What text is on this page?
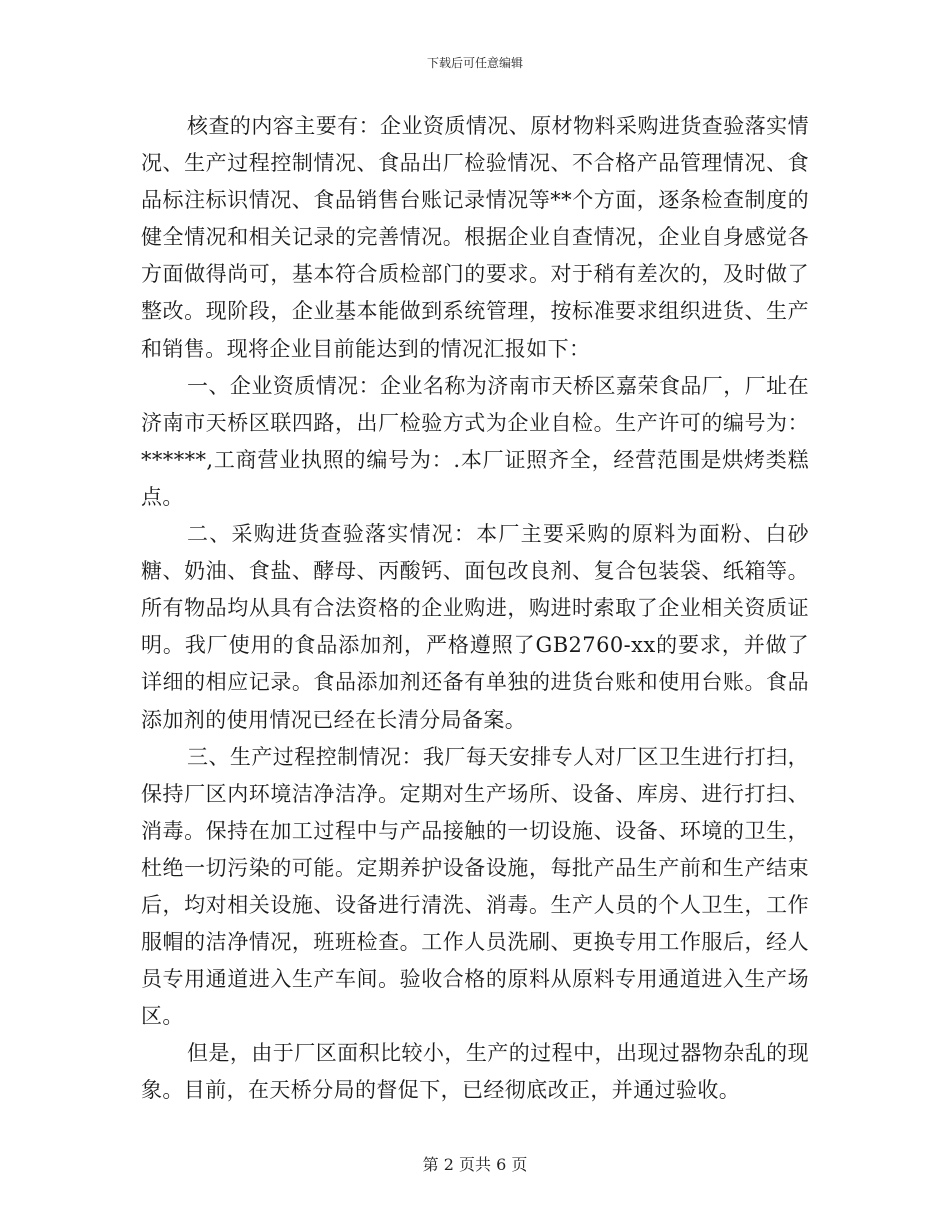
下载后可任意编辑

核查的内容主要有：企业资质情况、原材物料采购进货查验落实情况、生产过程控制情况、食品出厂检验情况、不合格产品管理情况、食品标注标识情况、食品销售台账记录情况等**个方面，逐条检查制度的健全情况和相关记录的完善情况。根据企业自查情况，企业自身感觉各方面做得尚可，基本符合质检部门的要求。对于稍有差次的，及时做了整改。现阶段，企业基本能做到系统管理，按标准要求组织进货、生产和销售。现将企业目前能达到的情况汇报如下：

一、企业资质情况：企业名称为济南市天桥区嘉荣食品厂，厂址在济南市天桥区联四路，出厂检验方式为企业自检。生产许可的编号为：******,工商营业执照的编号为：.本厂证照齐全，经营范围是烘烤类糕点。

二、采购进货查验落实情况：本厂主要采购的原料为面粉、白砂糖、奶油、食盐、酵母、丙酸钙、面包改良剂、复合包装袋、纸箱等。所有物品均从具有合法资格的企业购进，购进时索取了企业相关资质证明。我厂使用的食品添加剂，严格遵照了GB2760-xx的要求，并做了详细的相应记录。食品添加剂还备有单独的进货台账和使用台账。食品添加剂的使用情况已经在长清分局备案。

三、生产过程控制情况：我厂每天安排专人对厂区卫生进行打扫，保持厂区内环境洁净洁净。定期对生产场所、设备、库房、进行打扫、消毒。保持在加工过程中与产品接触的一切设施、设备、环境的卫生，杜绝一切污染的可能。定期养护设备设施，每批产品生产前和生产结束后，均对相关设施、设备进行清洗、消毒。生产人员的个人卫生，工作服帽的洁净情况，班班检查。工作人员洗刷、更换专用工作服后，经人员专用通道进入生产车间。验收合格的原料从原料专用通道进入生产场区。

但是，由于厂区面积比较小，生产的过程中，出现过器物杂乱的现象。目前，在天桥分局的督促下，已经彻底改正，并通过验收。

第 2 页共 6 页
